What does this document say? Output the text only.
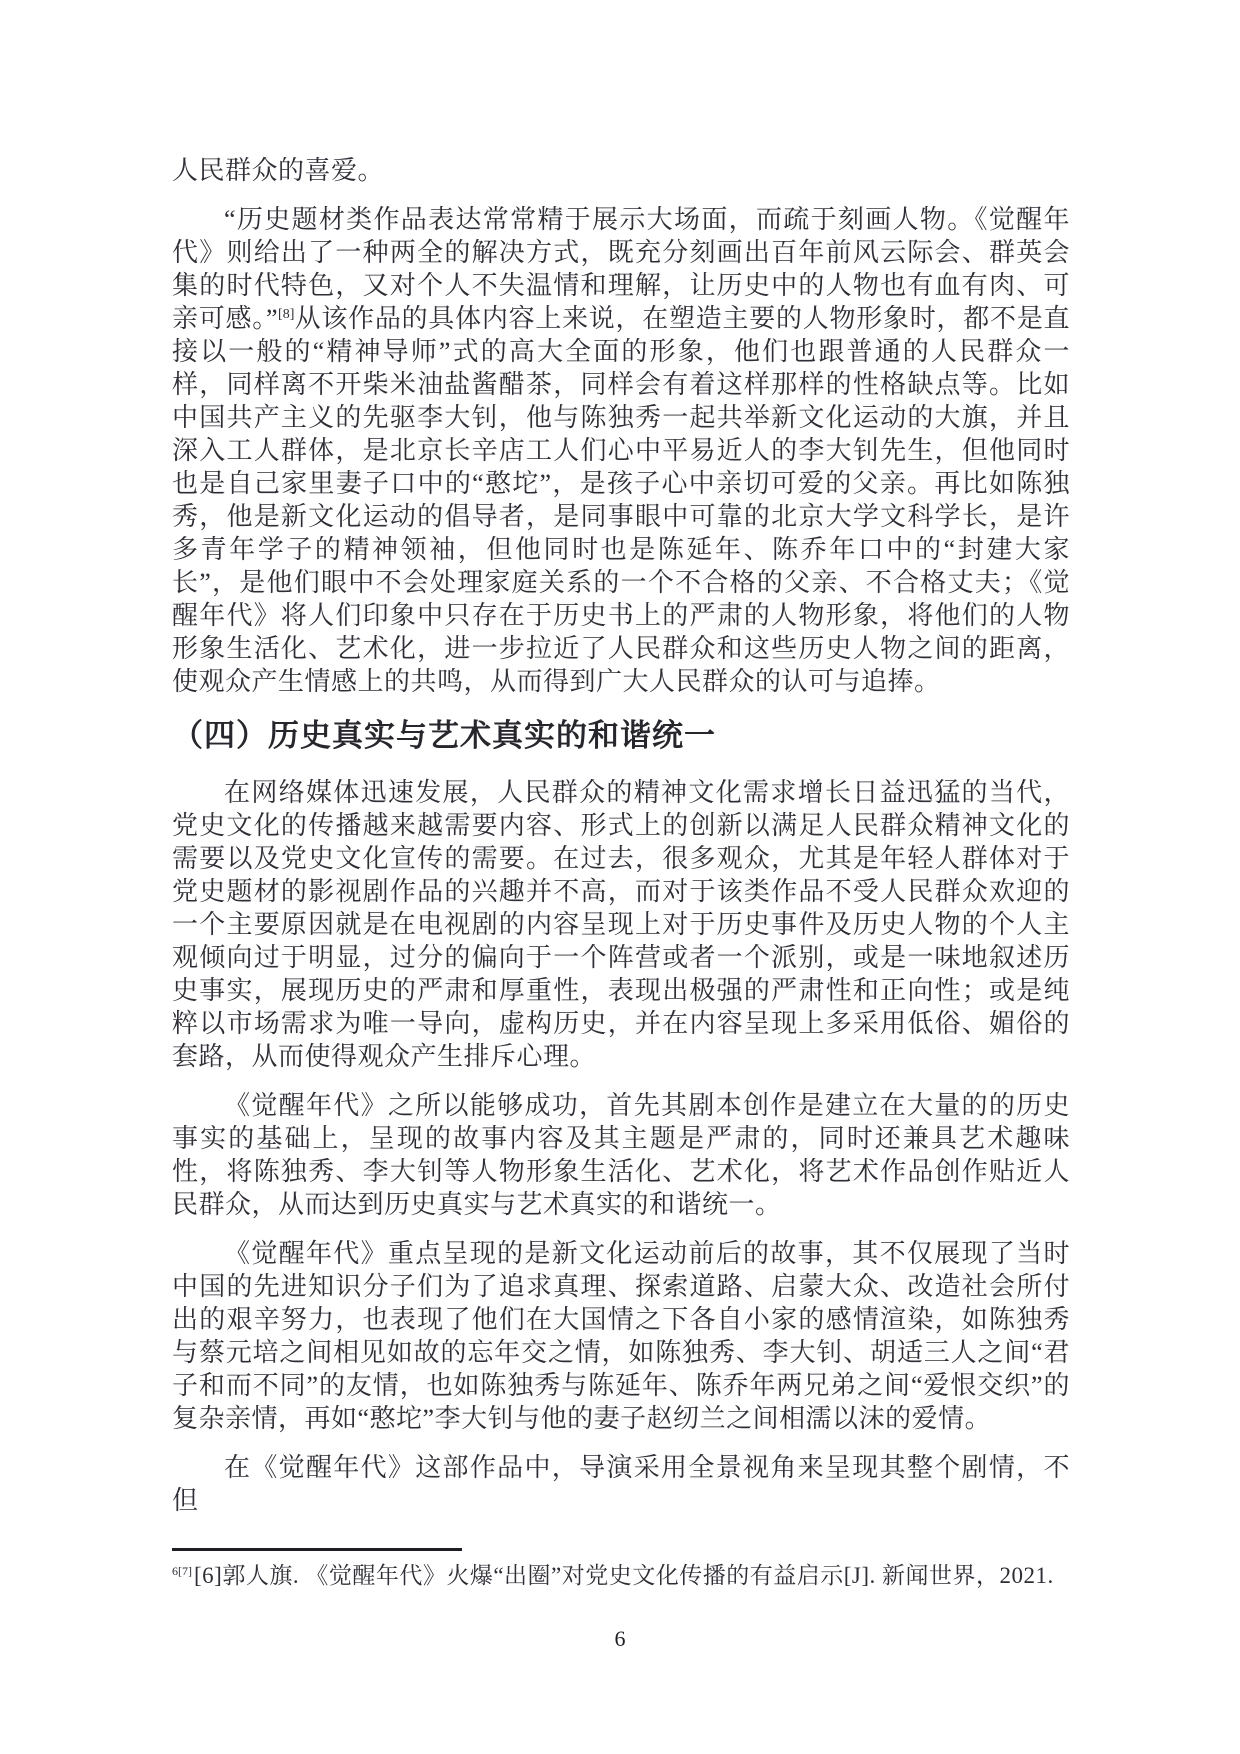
人民群众的喜爱。

“历史题材类作品表达常常精于展示大场面，而疏于刻画人物。《觉醒年代》则给出了一种两全的解决方式，既充分刻画出百年前风云际会、群英会集的时代特色，又对个人不失温情和理解，让历史中的人物也有血有肉、可亲可感。”[8]从该作品的具体内容上来说，在塑造主要的人物形象时，都不是直接以一般的“精神导师”式的高大全面的形象，他们也跟普通的人民群众一样，同样离不开柴米油盐酱醋茶，同样会有着这样那样的性格缺点等。比如中国共产主义的先驱李大钊，他与陈独秀一起共举新文化运动的大旗，并且深入工人群体，是北京长辛店工人们心中平易近人的李大钊先生，但他同时也是自己家里妻子口中的“憨坨”，是孩子心中亲切可爱的父亲。再比如陈独秀，他是新文化运动的倡导者，是同事眼中可靠的北京大学文科学长，是许多青年学子的精神领袖，但他同时也是陈延年、陈乔年口中的“封建大家长”，是他们眼中不会处理家庭关系的一个不合格的父亲、不合格丈夫；《觉醒年代》将人们印象中只存在于历史书上的严肃的人物形象，将他们的人物形象生活化、艺术化，进一步拉近了人民群众和这些历史人物之间的距离，使观众产生情感上的共鸣，从而得到广大人民群众的认可与追捧。

（四）历史真实与艺术真实的和谐统一

在网络媒体迅速发展，人民群众的精神文化需求增长日益迅猛的当代，党史文化的传播越来越需要内容、形式上的创新以满足人民群众精神文化的需要以及党史文化宣传的需要。在过去，很多观众，尤其是年轻人群体对于党史题材的影视剧作品的兴趣并不高，而对于该类作品不受人民群众欢迎的一个主要原因就是在电视剧的内容呈现上对于历史事件及历史人物的个人主观倾向过于明显，过分的偏向于一个阵营或者一个派别，或是一味地叙述历史事实，展现历史的严肃和厚重性，表现出极强的严肃性和正向性；或是纯粹以市场需求为唯一导向，虚构历史，并在内容呈现上多采用低俗、媚俗的套路，从而使得观众产生排斥心理。

《觉醒年代》之所以能够成功，首先其剧本创作是建立在大量的的历史事实的基础上，呈现的故事内容及其主题是严肃的，同时还兼具艺术趣味性，将陈独秀、李大钊等人物形象生活化、艺术化，将艺术作品创作贴近人民群众，从而达到历史真实与艺术真实的和谐统一。

《觉醒年代》重点呈现的是新文化运动前后的故事，其不仅展现了当时中国的先进知识分子们为了追求真理、探索道路、启蒙大众、改造社会所付出的艰辛努力，也表现了他们在大国情之下各自小家的感情渲染，如陈独秀与蔡元培之间相见如故的忘年交之情，如陈独秀、李大钊、胡适三人之间“君子和而不同”的友情，也如陈独秀与陈延年、陈乔年两兄弟之间“爱恨交织”的复杂亲情，再如“憨坨”李大钊与他的妻子赵纫兰之间相濡以沫的爱情。

在《觉醒年代》这部作品中，导演采用全景视角来呈现其整个剧情，不但

$^{6[7]}$[6]郭人旗. 《觉醒年代》火爆“出圈”对党史文化传播的有益启示[J]. 新闻世界，2021.

6
